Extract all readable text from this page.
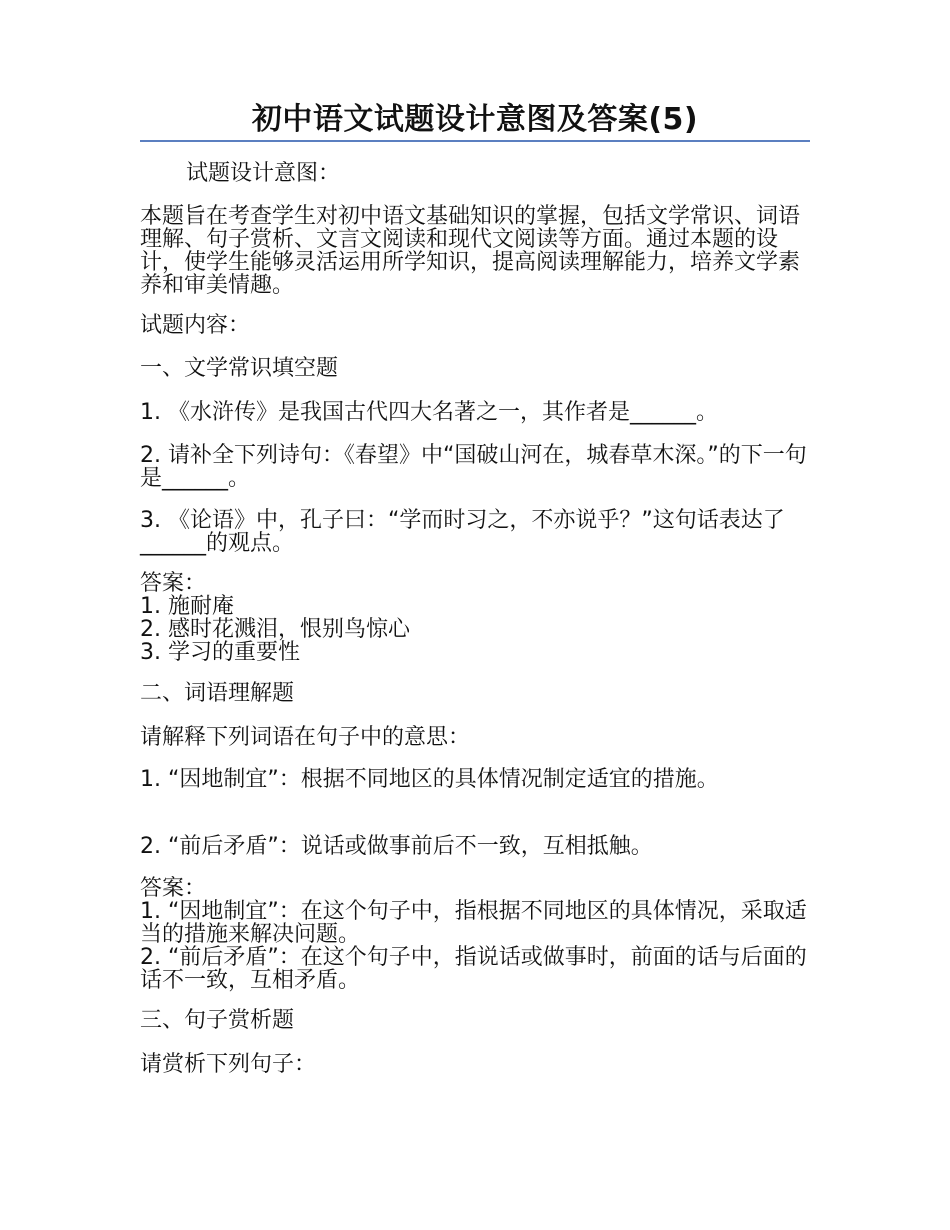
初中语文试题设计意图及答案(5)

试题设计意图：

本题旨在考查学生对初中语文基础知识的掌握，包括文学常识、词语理解、句子赏析、文言文阅读和现代文阅读等方面。通过本题的设计，使学生能够灵活运用所学知识，提高阅读理解能力，培养文学素养和审美情趣。

试题内容：

一、文学常识填空题

1. 《水浒传》是我国古代四大名著之一，其作者是______。

2. 请补全下列诗句：《春望》中“国破山河在，城春草木深。”的下一句是______。

3. 《论语》中，孔子曰：“学而时习之，不亦说乎？”这句话表达了______的观点。

答案：
1. 施耐庵
2. 感时花溅泪，恨别鸟惊心
3. 学习的重要性

二、词语理解题

请解释下列词语在句子中的意思：

1. “因地制宜”：根据不同地区的具体情况制定适宜的措施。

2. “前后矛盾”：说话或做事前后不一致，互相抵触。

答案：
1. “因地制宜”：在这个句子中，指根据不同地区的具体情况，采取适当的措施来解决问题。
2. “前后矛盾”：在这个句子中，指说话或做事时，前面的话与后面的话不一致，互相矛盾。

三、句子赏析题

请赏析下列句子：
